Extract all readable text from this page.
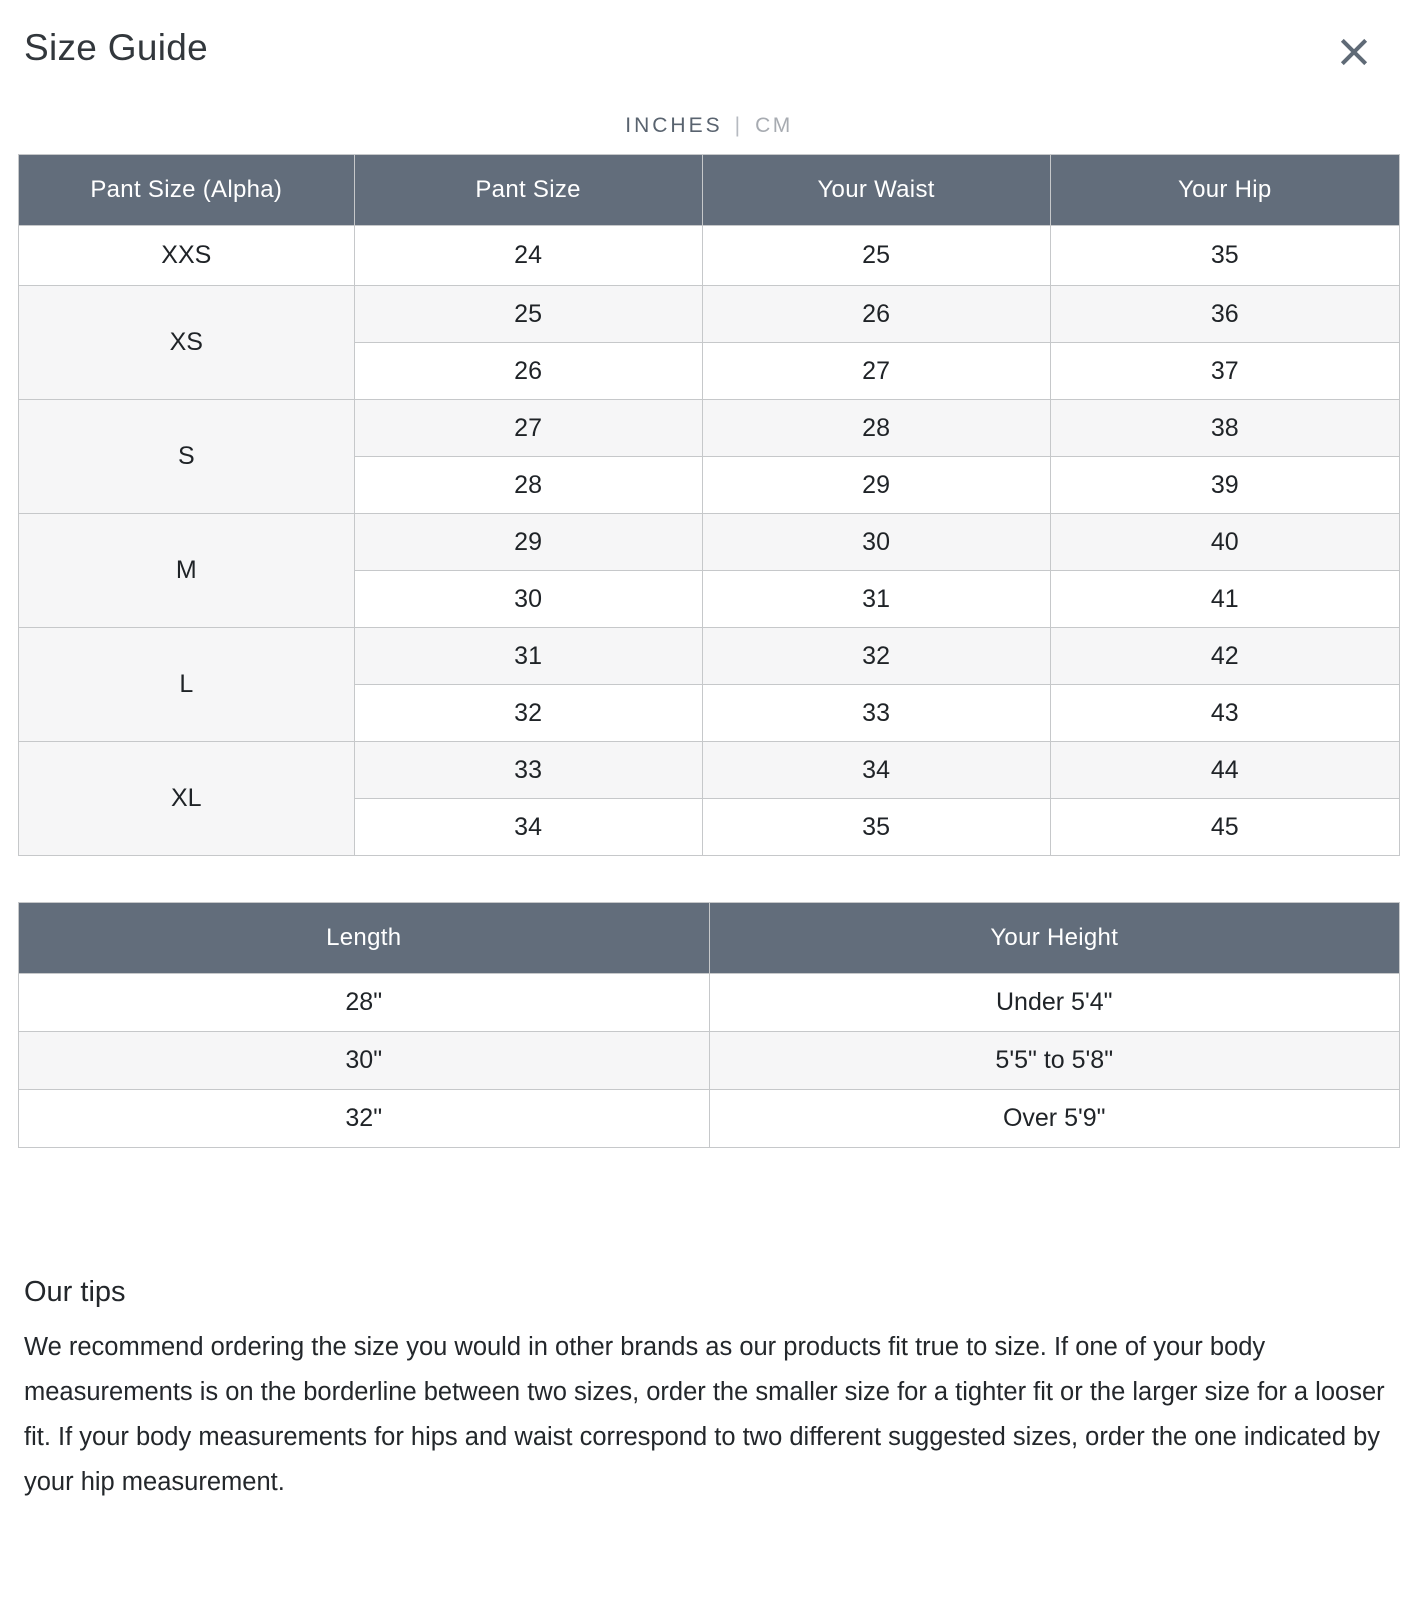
Size Guide
INCHES | CM
Pant Size (Alpha)	Pant Size	Your Waist	Your Hip
XXS	24	25	35
XS	25	26	36
	26	27	37
S	27	28	38
	28	29	39
M	29	30	40
	30	31	41
L	31	32	42
	32	33	43
XL	33	34	44
	34	35	45
Length	Your Height
28"	Under 5'4"
30"	5'5" to 5'8"
32"	Over 5'9"
Our tips

We recommend ordering the size you would in other brands as our products fit true to size. If one of your body measurements is on the borderline between two sizes, order the smaller size for a tighter fit or the larger size for a looser fit. If your body measurements for hips and waist correspond to two different suggested sizes, order the one indicated by your hip measurement.
